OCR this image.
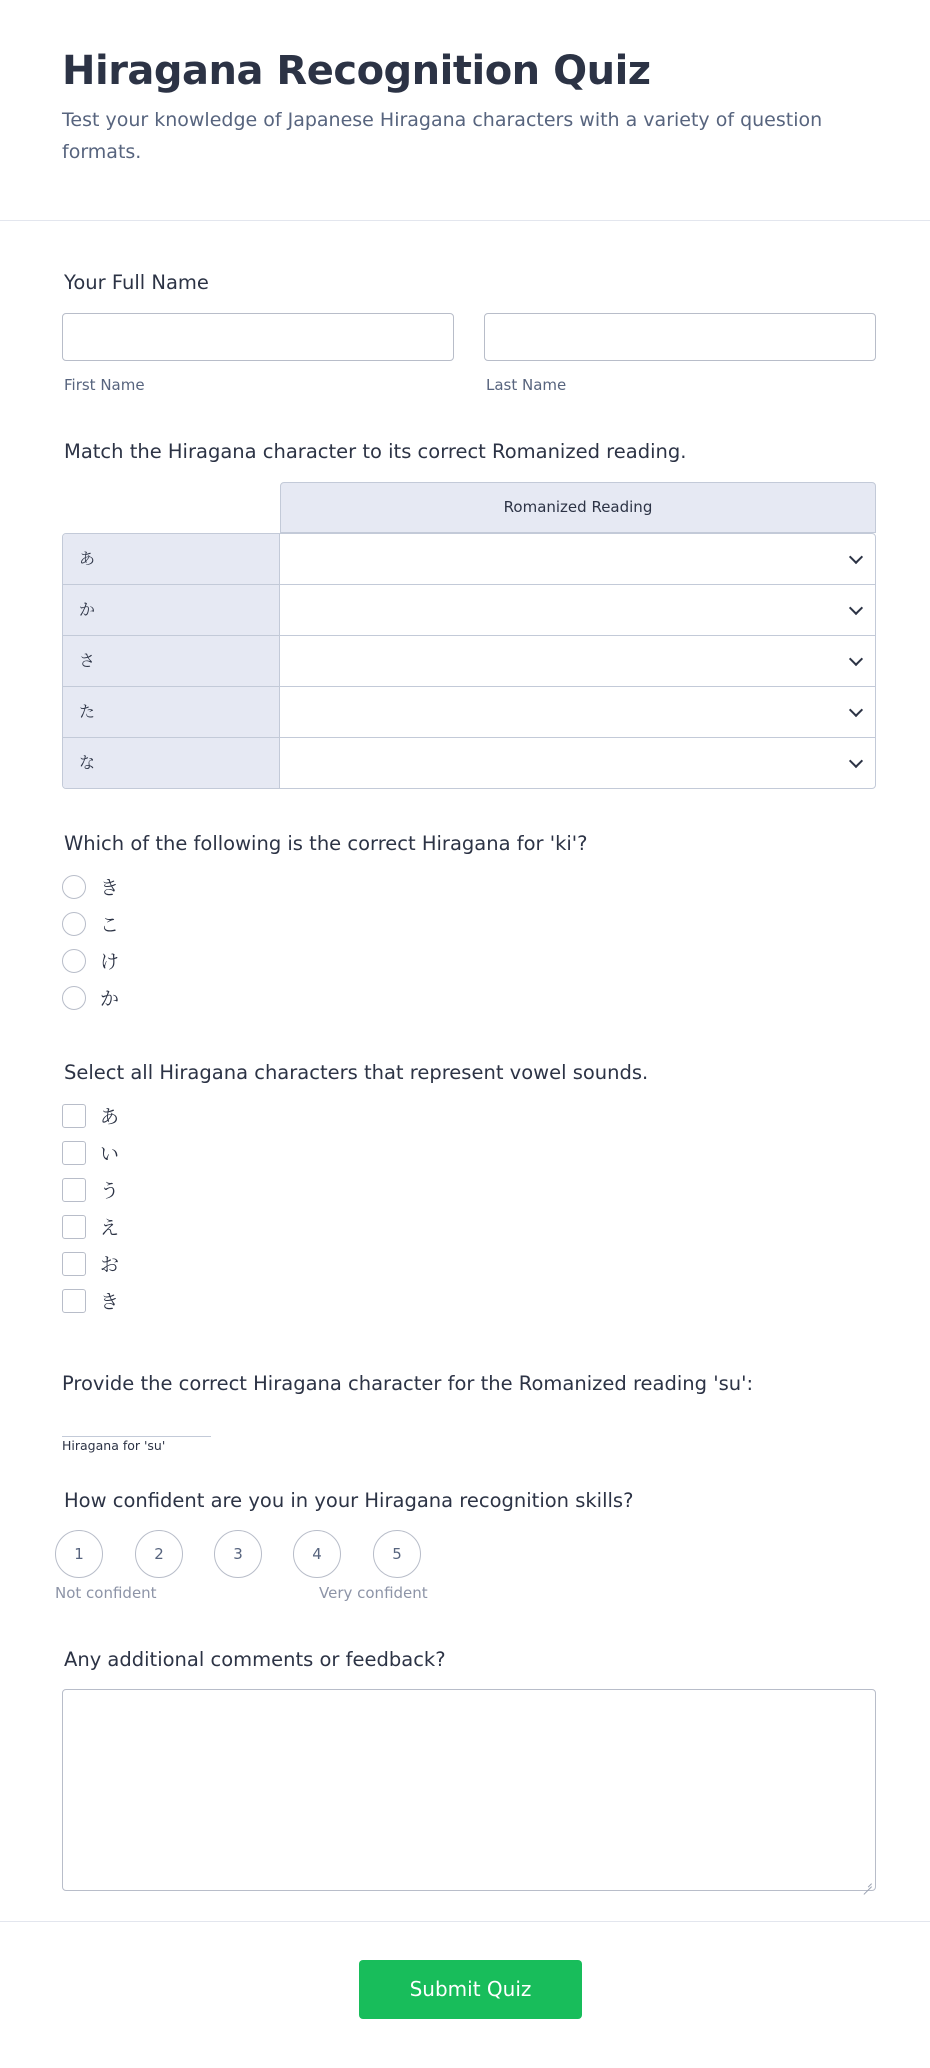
Hiragana Recognition Quiz

Test your knowledge of Japanese Hiragana characters with a variety of question formats.

Your Full Name
First Name	Last Name
Match the Hiragana character to its correct Romanized reading.
Romanized Reading
あ
か
さ
た
な
Which of the following is the correct Hiragana for 'ki'?
き
こ
け
か
Select all Hiragana characters that represent vowel sounds.
あ
い
う
え
お
き
Provide the correct Hiragana character for the Romanized reading 'su':
Hiragana for 'su'
How confident are you in your Hiragana recognition skills?
1	2	3	4	5
Not confident	Very confident
Any additional comments or feedback?
Submit Quiz
